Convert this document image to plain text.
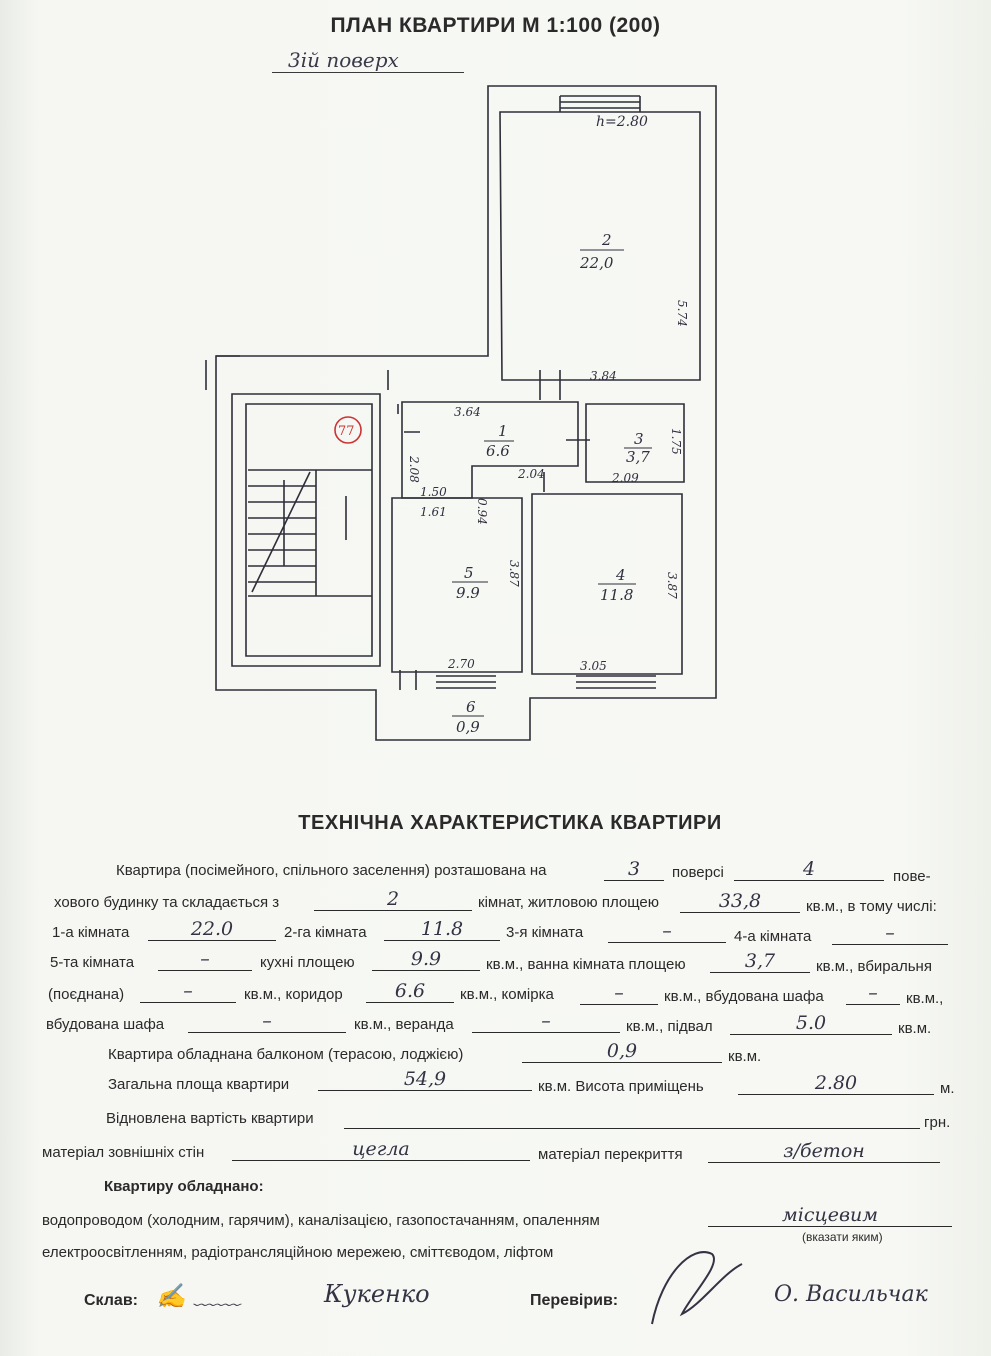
ПЛАН КВАРТИРИ М 1:100 (200)
3ій поверх
h=2.80
2
22,0
1
6.6
3
3,7
5
9.9
4
11.8
6
0,9
5.74
3.84
3.64
1.75
2.09
2.04
2.08
1.50
1.61 0.94
3.87	3.87
2.70	3.05
77
ТЕХНІЧНА ХАРАКТЕРИСТИКА КВАРТИРИ
Квартира (посімейного, спільного заселення) розташована на	3	поверсі	4	пове-
хового будинку та складається з	2	кімнат, житловою площею	33,8	кв.м., в тому числі:
1-а кімната	22.0	2-га кімната	11.8	3-я кімната	–	4-а кімната	–
5-та кімната	–	кухні площею	9.9	кв.м., ванна кімната площею	3,7	кв.м., вбиральня
(поєднана)	–	кв.м., коридор	6.6	кв.м., комірка	–	кв.м., вбудована шафа	–	кв.м.,
вбудована шафа	–	кв.м., веранда	–	кв.м., підвал	5.0	кв.м.
Квартира обладнана балконом (терасою, лоджією)	0,9	кв.м.
Загальна площа квартири	54,9	кв.м. Висота приміщень	2.80	м.
Відновлена вартість квартири	грн.
матеріал зовнішніх стін	цегла	матеріал перекриття	з/бетон
Квартиру обладнано:
водопроводом (холодним, гарячим), каналізацією, газопостачанням, опаленням	місцевим
(вказати яким)
електроосвітленням, радіотрансляційною мережею, сміттєводом, ліфтом
Склав: ✍ ﹏﹏	Кукенко	Перевірив:	О. Васильчак
